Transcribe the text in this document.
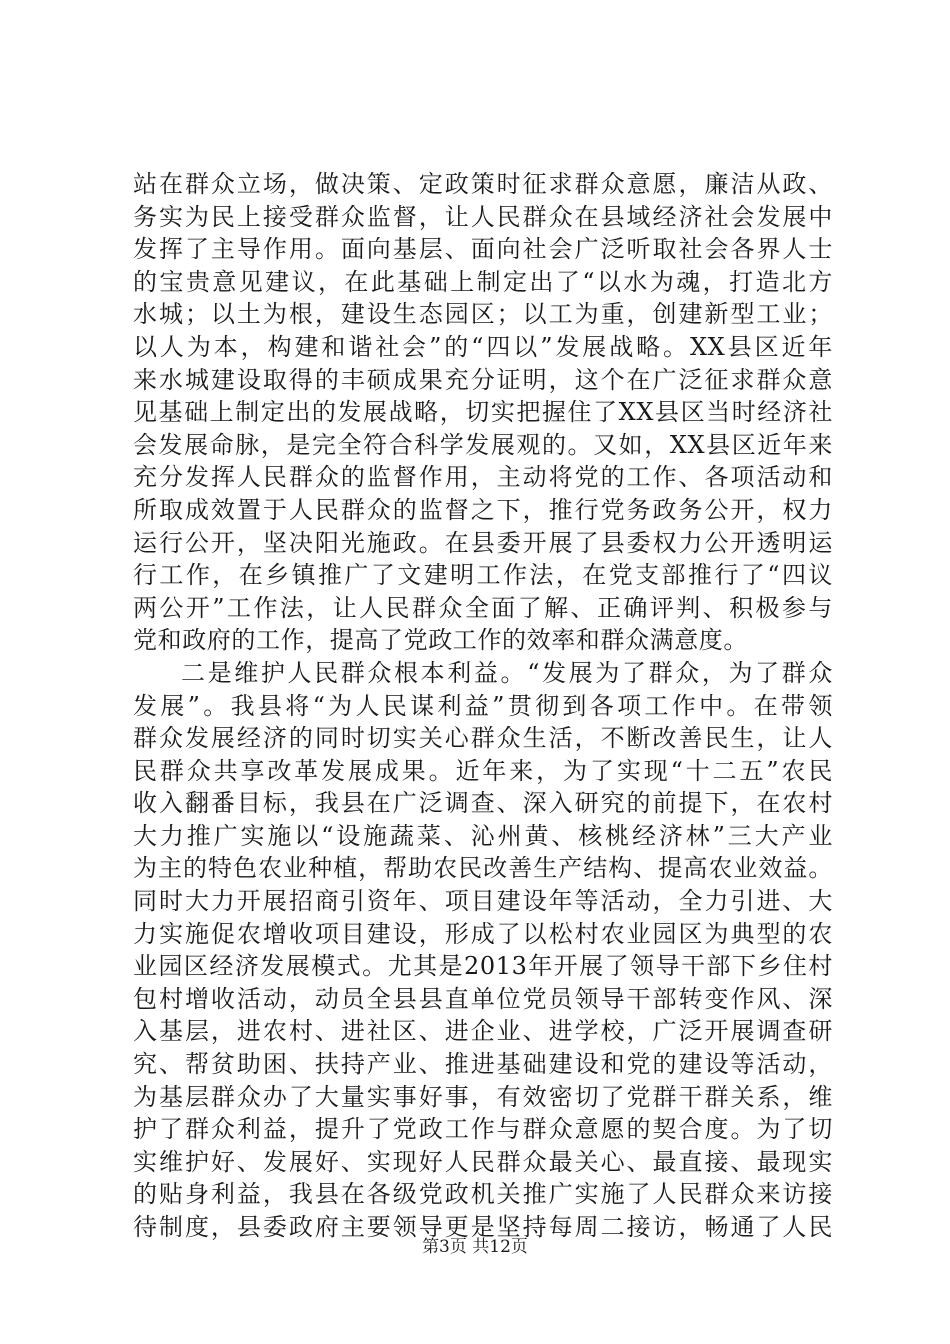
站在群众立场，做决策、定政策时征求群众意愿，廉洁从政、
务实为民上接受群众监督，让人民群众在县域经济社会发展中
发挥了主导作用。面向基层、面向社会广泛听取社会各界人士
的宝贵意见建议，在此基础上制定出了“以水为魂，打造北方
水城；以土为根，建设生态园区；以工为重，创建新型工业；
以人为本，构建和谐社会”的“四以”发展战略。XX县区近年
来水城建设取得的丰硕成果充分证明，这个在广泛征求群众意
见基础上制定出的发展战略，切实把握住了XX县区当时经济社
会发展命脉，是完全符合科学发展观的。又如，XX县区近年来
充分发挥人民群众的监督作用，主动将党的工作、各项活动和
所取成效置于人民群众的监督之下，推行党务政务公开，权力
运行公开，坚决阳光施政。在县委开展了县委权力公开透明运
行工作，在乡镇推广了文建明工作法，在党支部推行了“四议
两公开”工作法，让人民群众全面了解、正确评判、积极参与
党和政府的工作，提高了党政工作的效率和群众满意度。
二是维护人民群众根本利益。“发展为了群众，为了群众
发展”。我县将“为人民谋利益”贯彻到各项工作中。在带领
群众发展经济的同时切实关心群众生活，不断改善民生，让人
民群众共享改革发展成果。近年来，为了实现“十二五”农民
收入翻番目标，我县在广泛调查、深入研究的前提下，在农村
大力推广实施以“设施蔬菜、沁州黄、核桃经济林”三大产业
为主的特色农业种植，帮助农民改善生产结构、提高农业效益。
同时大力开展招商引资年、项目建设年等活动，全力引进、大
力实施促农增收项目建设，形成了以松村农业园区为典型的农
业园区经济发展模式。尤其是2013年开展了领导干部下乡住村
包村增收活动，动员全县县直单位党员领导干部转变作风、深
入基层，进农村、进社区、进企业、进学校，广泛开展调查研
究、帮贫助困、扶持产业、推进基础建设和党的建设等活动，
为基层群众办了大量实事好事，有效密切了党群干群关系，维
护了群众利益，提升了党政工作与群众意愿的契合度。为了切
实维护好、发展好、实现好人民群众最关心、最直接、最现实
的贴身利益，我县在各级党政机关推广实施了人民群众来访接
待制度，县委政府主要领导更是坚持每周二接访，畅通了人民
第3页 共12页
